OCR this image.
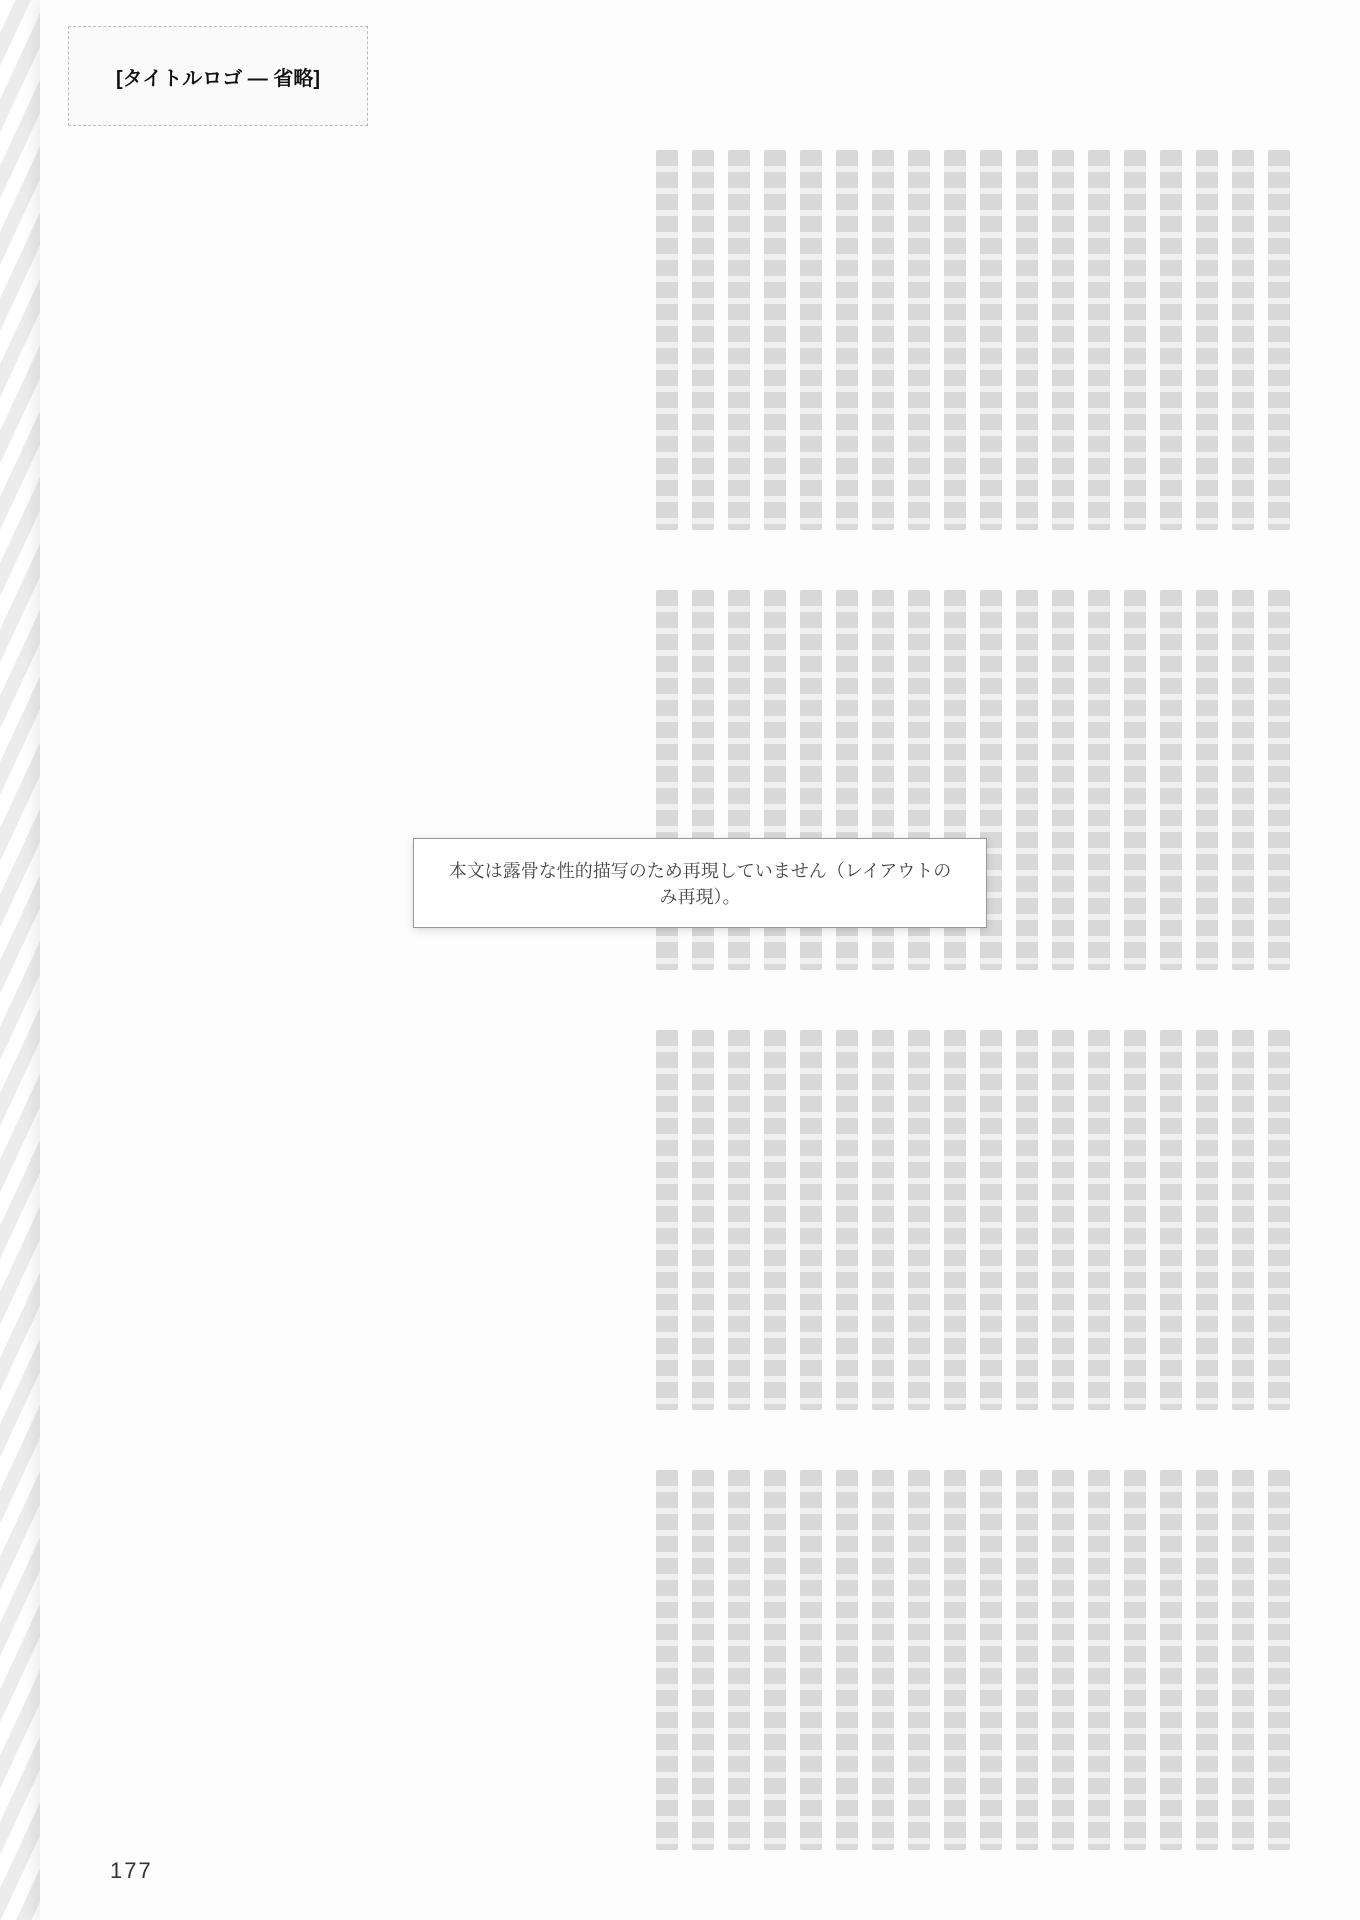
[タイトルロゴ — 省略]
本文は露骨な性的描写のため再現していません（レイアウトのみ再現）。
177
